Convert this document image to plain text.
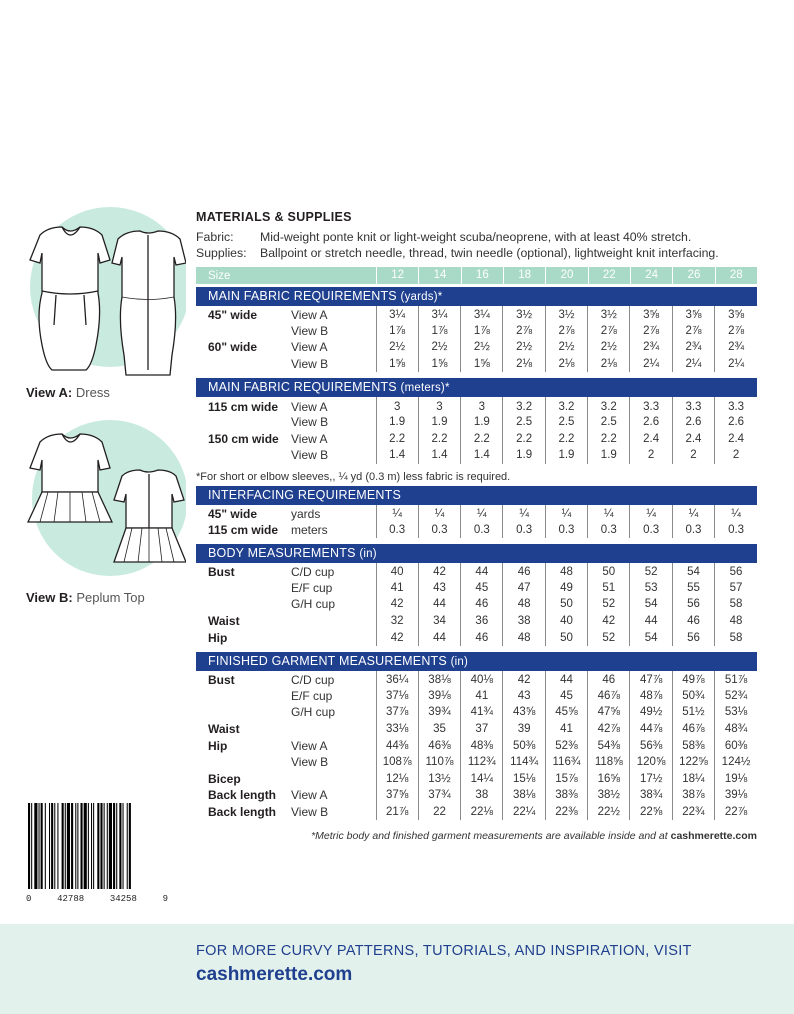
View A: Dress
View B: Peplum Top
0	42788	34258	9
MATERIALS & SUPPLIES
Fabric:	Mid-weight ponte knit or light-weight scuba/neoprene, with at least 40% stretch.
Supplies:	Ballpoint or stretch needle, thread, twin needle (optional), lightweight knit interfacing.
Size	12	14	16	18	20	22	24	26	28
MAIN FABRIC REQUIREMENTS (yards)*
45" wide	View A	3¼	3¼	3¼	3½	3½	3½	3⅝	3⅝	3⅝
	View B	1⅞	1⅞	1⅞	2⅞	2⅞	2⅞	2⅞	2⅞	2⅞
60" wide	View A	2½	2½	2½	2½	2½	2½	2¾	2¾	2¾
	View B	1⅝	1⅝	1⅝	2⅛	2⅛	2⅛	2¼	2¼	2¼

MAIN FABRIC REQUIREMENTS (meters)*
115 cm wide	View A	3	3	3	3.2	3.2	3.2	3.3	3.3	3.3
	View B	1.9	1.9	1.9	2.5	2.5	2.5	2.6	2.6	2.6
150 cm wide	View A	2.2	2.2	2.2	2.2	2.2	2.2	2.4	2.4	2.4
	View B	1.4	1.4	1.4	1.9	1.9	1.9	2	2	2

*For short or elbow sleeves,, ¼ yd (0.3 m) less fabric is required.
INTERFACING REQUIREMENTS
45" wide	yards	¼	¼	¼	¼	¼	¼	¼	¼	¼
115 cm wide	meters	0.3	0.3	0.3	0.3	0.3	0.3	0.3	0.3	0.3

BODY MEASUREMENTS (in)
Bust	C/D cup	40	42	44	46	48	50	52	54	56
	E/F cup	41	43	45	47	49	51	53	55	57
	G/H cup	42	44	46	48	50	52	54	56	58
Waist		32	34	36	38	40	42	44	46	48
Hip		42	44	46	48	50	52	54	56	58

FINISHED GARMENT MEASUREMENTS (in)
Bust	C/D cup	36¼	38⅛	40⅛	42	44	46	47⅞	49⅞	51⅞
	E/F cup	37⅛	39⅛	41	43	45	46⅞	48⅞	50¾	52¾
	G/H cup	37⅞	39¾	41¾	43⅝	45⅝	47⅝	49½	51½	53⅛
Waist		33⅛	35	37	39	41	42⅞	44⅞	46⅞	48¾
Hip	View A	44⅜	46⅜	48⅜	50⅜	52⅜	54⅜	56⅜	58⅜	60⅜
	View B	108⅞	110⅞	112¾	114¾	116¾	118⅝	120⅝	122⅝	124½
Bicep		12⅛	13½	14¼	15⅛	15⅞	16⅝	17½	18¼	19⅛
Back length	View A	37⅝	37¾	38	38⅛	38⅜	38½	38¾	38⅞	39⅛
Back length	View B	21⅞	22	22⅛	22¼	22⅜	22½	22⅝	22¾	22⅞

*Metric body and finished garment measurements are available inside and at cashmerette.com
FOR MORE CURVY PATTERNS, TUTORIALS, AND INSPIRATION, VISIT
cashmerette.com
